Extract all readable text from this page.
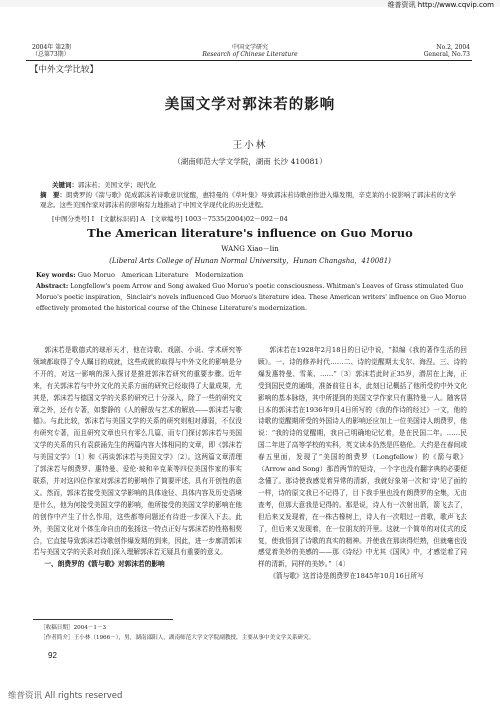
维普资讯 http://www.cqvip.com
2004年 第2期
（总第73期）
中国文学研究
Research of Chinese Literature
No.2, 2004
General, No.73
【中外文学比较】
美国文学对郭沫若的影响
王小林
（湖南师范大学文学院，湖南 长沙 410081）
关键词：郭沫若；美国文学；现代化
摘　要：朗费罗的《箭与歌》促成郭沫若诗歌意识觉醒，惠特曼的《草叶集》导致郭沫若诗歌创作进入爆发期，辛克莱的小说影响了郭沫若的文学观念。这些美国作家对郭沫若的影响有力地推动了中国文学现代化的历史进程。
[中图分类号] I　[文献标识码] A　[文章编号] 1003－7535(2004)02－092－04
The American literature's influence on Guo Moruo
WANG Xiao－lin
(Liberal Arts College of Hunan Normal University，Hunan Changsha，410081)
Key words: Guo Moruo　American Literature　Modernization
Abstract: Longfellow's poem Arrow and Song awaked Guo Moruo's poetic consciousness. Whitman's Leaves of Grass stimulated Guo Moruo's poetic inspiration，Sinclair's novels influenced Guo Moruo's literature idea. These American writers' influence on Guo Moruo effectively promoted the historical course of the Chinese Literature's modernization.

郭沫若是歌德式的球形天才，他在诗歌、戏剧、小说、学术研究等领域都取得了令人瞩目的成就，这些成就的取得与中外文化的影响是分不开的，对这一影响的深入探讨是推进郭沫若研究的重要步骤。近年来，有关郭沫若与中外文化的关系方面的研究已经取得了大量成果，尤其是，郭沫若与德国文学的关系的研究已十分深入，除了一些的研究文章之外，还有专著，如黎静的《人的解放与艺术的解放——郭沫若与歌德》。与此比较，郭沫若与美国文学的关系的研究则相对薄弱，不仅没有研究专著，而且研究文章也只有零么几篇，而专门探讨郭沫若与美国文学的关系的只有袁荻涌先生的两篇内容大体相同的文章，即《郭沫若与美国文学》〔1〕和《再谈郭沫若与美国文学》〔2〕。这两篇文章清理了郭沫若与朗费罗、惠特曼、爱伦·坡和辛克莱等四位美国作家的事实联系，并对这四位作家对郭沫若的影响作了简要评述，具有开创性的意义。然而，郭沫若接受美国文学影响的具体途径、具体内容及历史语境是什么，他为何接受美国文学的影响，他所接受的美国文学的影响在他的创作中产生了什么作用，这些都等问题还有待进一步深入下去。此外，美国文化对个体生命自由的张扬这一特点正好与郭沫若的性格相契合，它直接导致郭沫若诗歌创作爆发期的到来，因此，进一步廓清郭沫若与美国文学的关系对我们深入理解郭沫若无疑具有重要的意义。

一、朗费罗的《箭与歌》对郭沫若的影响

郭沫若在1928年2月18日的日记中说，“拟编《我的著作生活的回顾》。一、诗的修养时代……二、诗的觉醒期太戈尔、海涅。三、诗的爆发惠特曼、雪莱、……”〔3〕郭沫若此时正35岁，潜居在上海，正受到国民党的通缉，准备前往日本，此刻日记概括了他所受的中外文化影响的基本脉络，其中所提到的美国文学作家只有惠特曼一人。随客居日本的郭沫若在1936年9月4日所写的《我的作诗的经过》一文，他的诗歌的觉醒期所受的外国诗人的影响还应加上一位美国诗人朗费罗，他说：“我的诗的觉醒期，我自己明确地记忆着，是在民国二年。……民国二年进了高等学校的实科，英文读本仍然是匹格伦。大约是在春间或春五里面，发现了“美国的朗费罗（Longfellow）的《箭与歌》（Arrow and Song）那首两节的短诗，一个字也没有翻字典的必要便念懂了。那诗使我感觉着异常的清新，我就好象第一次和‘诗’见了面的一样，诗的原文我已不记得了，目下我手里也没有朗费罗的全集，无由查考，但那大意我是记得的。那是说，诗人有一次射出箭，箭飞去了，但后来又发现着，在一株古橡树上，诗人有一次唱过一首歌，歌声飞去了，但后来又发现着，在一位朋友的开里。这就一个简单的对仗式的反复，使我悟到了诗歌的真实的精神。并使我在那读得烂熟，但就毫也没感觉着美妙的美感的——那《诗经》中尤其《国风》中，才感觉着了同样的清新，同样的美妙。”〔4〕

《箭与歌》这首诗是朗费罗在1845年10月16日所写

［收稿日期］2004－1－3
［作者简介］王小林（1966－），男，湖南邵阳人，湖南师范大学文学院副教授，主要从事中美文学关系研究。
92
维普资讯 All rights reserved
